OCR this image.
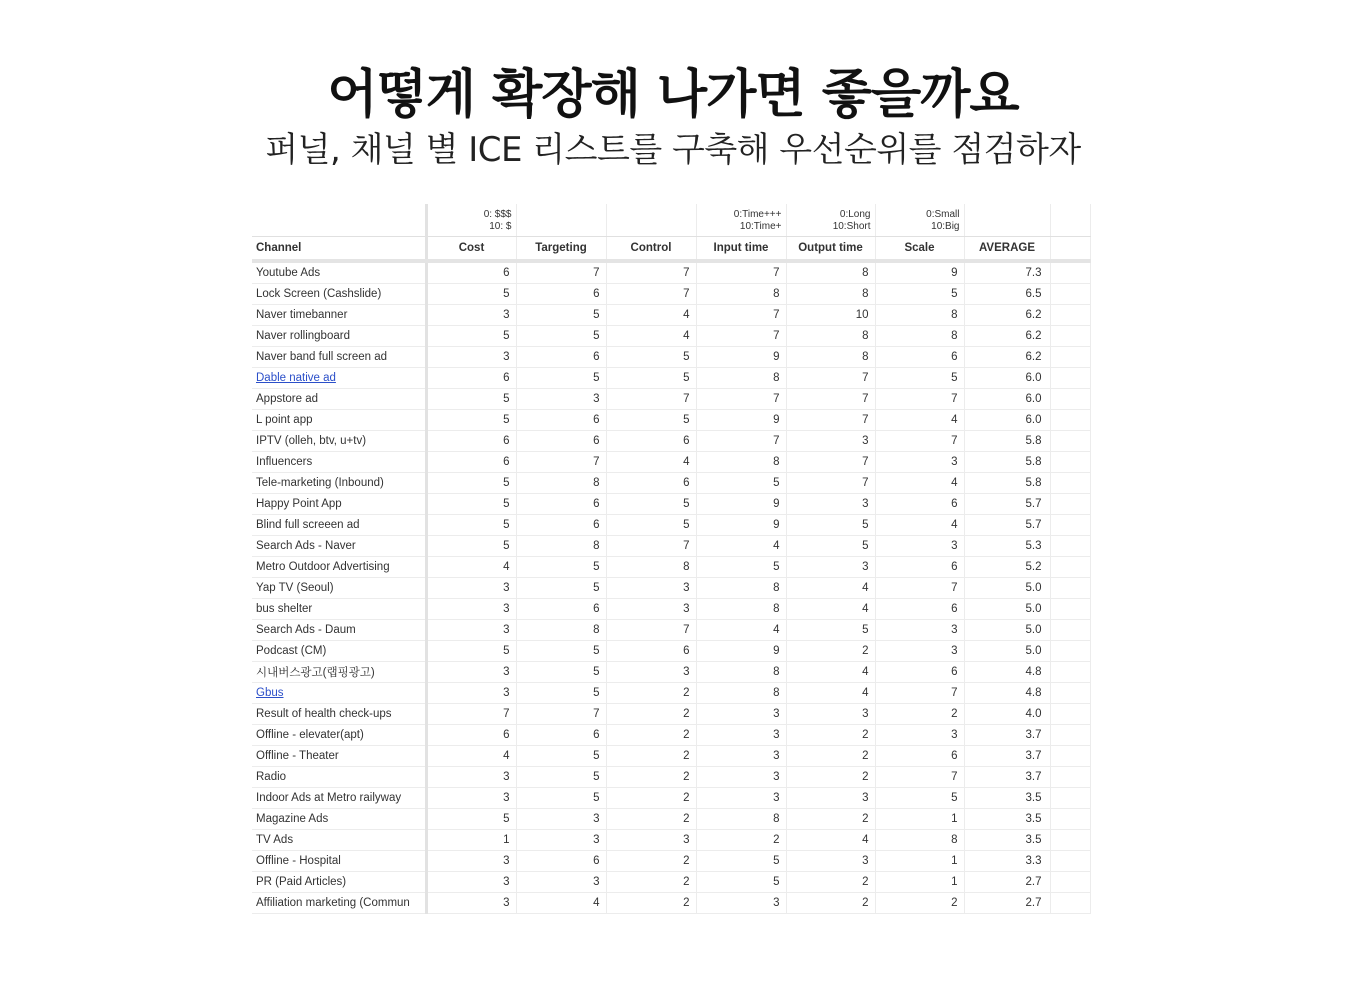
어떻게 확장해 나가면 좋을까요
퍼널, 채널 별 ICE 리스트를 구축해 우선순위를 점검하자
	0: $$$			0:Time+++	0:Long	0:Small		
	10: $			10:Time+	10:Short	10:Big		
Channel	Cost	Targeting	Control	Input time	Output time	Scale	AVERAGE	
Youtube Ads	6	7	7	7	8	9	7.3	
Lock Screen (Cashslide)	5	6	7	8	8	5	6.5	
Naver timebanner	3	5	4	7	10	8	6.2	
Naver rollingboard	5	5	4	7	8	8	6.2	
Naver band full screen ad	3	6	5	9	8	6	6.2	
Dable native ad	6	5	5	8	7	5	6.0	
Appstore ad	5	3	7	7	7	7	6.0	
L point app	5	6	5	9	7	4	6.0	
IPTV (olleh, btv, u+tv)	6	6	6	7	3	7	5.8	
Influencers	6	7	4	8	7	3	5.8	
Tele-marketing (Inbound)	5	8	6	5	7	4	5.8	
Happy Point App	5	6	5	9	3	6	5.7	
Blind full screeen ad	5	6	5	9	5	4	5.7	
Search Ads - Naver	5	8	7	4	5	3	5.3	
Metro Outdoor Advertising	4	5	8	5	3	6	5.2	
Yap TV (Seoul)	3	5	3	8	4	7	5.0	
bus shelter	3	6	3	8	4	6	5.0	
Search Ads - Daum	3	8	7	4	5	3	5.0	
Podcast (CM)	5	5	6	9	2	3	5.0	
시내버스광고(랩핑광고)	3	5	3	8	4	6	4.8	
Gbus	3	5	2	8	4	7	4.8	
Result of health check-ups	7	7	2	3	3	2	4.0	
Offline - elevater(apt)	6	6	2	3	2	3	3.7	
Offline - Theater	4	5	2	3	2	6	3.7	
Radio	3	5	2	3	2	7	3.7	
Indoor Ads at Metro railyway	3	5	2	3	3	5	3.5	
Magazine Ads	5	3	2	8	2	1	3.5	
TV Ads	1	3	3	2	4	8	3.5	
Offline - Hospital	3	6	2	5	3	1	3.3	
PR (Paid Articles)	3	3	2	5	2	1	2.7	
Affiliation marketing (Commun	3	4	2	3	2	2	2.7	
